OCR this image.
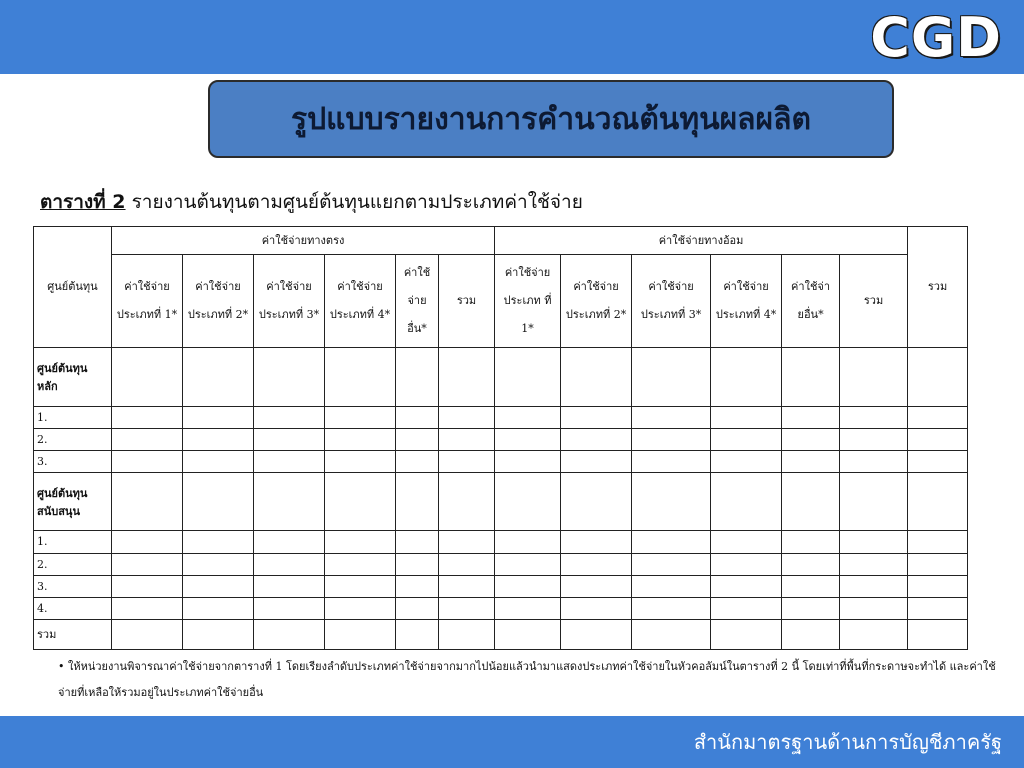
CGD
รูปแบบรายงานการคำนวณต้นทุนผลผลิต
ตารางที่ 2 รายงานต้นทุนตามศูนย์ต้นทุนแยกตามประเภทค่าใช้จ่าย
ศูนย์ต้นทุน	ค่าใช้จ่ายทางตรง						ค่าใช้จ่ายทางอ้อม						รวม
	ค่าใช้จ่าย ประเภทที่ 1*	ค่าใช้จ่าย ประเภทที่ 2*	ค่าใช้จ่าย ประเภทที่ 3*	ค่าใช้จ่าย ประเภทที่ 4*	ค่าใช้ จ่าย อื่น*	รวม	ค่าใช้จ่าย ประเภท ที่ 1*	ค่าใช้จ่าย ประเภทที่ 2*	ค่าใช้จ่าย ประเภทที่ 3*	ค่าใช้จ่าย ประเภทที่ 4*	ค่าใช้จ่า ยอื่น*	รวม	
ศูนย์ต้นทุนหลัก													
1.													
2.													
3.													
ศูนย์ต้นทุนสนับสนุน													
1.													
2.													
3.													
4.													
รวม													
• ให้หน่วยงานพิจารณาค่าใช้จ่ายจากตารางที่ 1 โดยเรียงลำดับประเภทค่าใช้จ่ายจากมากไปน้อยแล้วนำมาแสดงประเภทค่าใช้จ่ายในหัวคอลัมน์ในตารางที่ 2 นี้ โดยเท่าที่พื้นที่กระดาษจะทำได้ และค่าใช้จ่ายที่เหลือให้รวมอยู่ในประเภทค่าใช้จ่ายอื่น
สำนักมาตรฐานด้านการบัญชีภาครัฐ
